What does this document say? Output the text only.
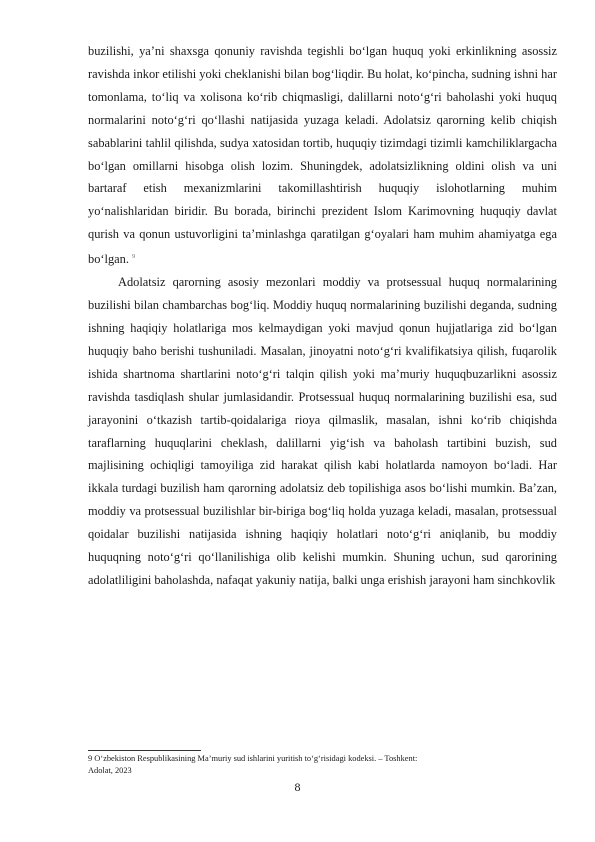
buzilishi, ya’ni shaxsga qonuniy ravishda tegishli bo‘lgan huquq yoki erkinlikning asossiz ravishda inkor etilishi yoki cheklanishi bilan bog‘liqdir. Bu holat, ko‘pincha, sudning ishni har tomonlama, to‘liq va xolisona ko‘rib chiqmasligi, dalillarni noto‘g‘ri baholashi yoki huquq normalarini noto‘g‘ri qo‘llashi natijasida yuzaga keladi. Adolatsiz qarorning kelib chiqish sabablarini tahlil qilishda, sudya xatosidan tortib, huquqiy tizimdagi tizimli kamchiliklargacha bo‘lgan omillarni hisobga olish lozim. Shuningdek, adolatsizlikning oldini olish va uni bartaraf etish mexanizmlarini takomillashtirish huquqiy islohotlarning muhim yo‘nalishlaridan biridir. Bu borada, birinchi prezident Islom Karimovning huquqiy davlat qurish va qonun ustuvorligini ta’minlashga qaratilgan g‘oyalari ham muhim ahamiyatga ega bo‘lgan. $^9$

Adolatsiz qarorning asosiy mezonlari moddiy va protsessual huquq normalarining buzilishi bilan chambarchas bog‘liq. Moddiy huquq normalarining buzilishi deganda, sudning ishning haqiqiy holatlariga mos kelmaydigan yoki mavjud qonun hujjatlariga zid bo‘lgan huquqiy baho berishi tushuniladi. Masalan, jinoyatni noto‘g‘ri kvalifikatsiya qilish, fuqarolik ishida shartnoma shartlarini noto‘g‘ri talqin qilish yoki ma’muriy huquqbuzarlikni asossiz ravishda tasdiqlash shular jumlasidandir. Protsessual huquq normalarining buzilishi esa, sud jarayonini o‘tkazish tartib-qoidalariga rioya qilmaslik, masalan, ishni ko‘rib chiqishda taraflarning huquqlarini cheklash, dalillarni yig‘ish va baholash tartibini buzish, sud majlisining ochiqligi tamoyiliga zid harakat qilish kabi holatlarda namoyon bo‘ladi. Har ikkala turdagi buzilish ham qarorning adolatsiz deb topilishiga asos bo‘lishi mumkin. Ba’zan, moddiy va protsessual buzilishlar bir-biriga bog‘liq holda yuzaga keladi, masalan, protsessual qoidalar buzilishi natijasida ishning haqiqiy holatlari noto‘g‘ri aniqlanib, bu moddiy huquqning noto‘g‘ri qo‘llanilishiga olib kelishi mumkin. Shuning uchun, sud qarorining adolatliligini baholashda, nafaqat yakuniy natija, balki unga erishish jarayoni ham sinchkovlik

9 O‘zbekiston Respublikasining Ma’muriy sud ishlarini yuritish to‘g‘risidagi kodeksi. – Toshkent:
Adolat, 2023
8
